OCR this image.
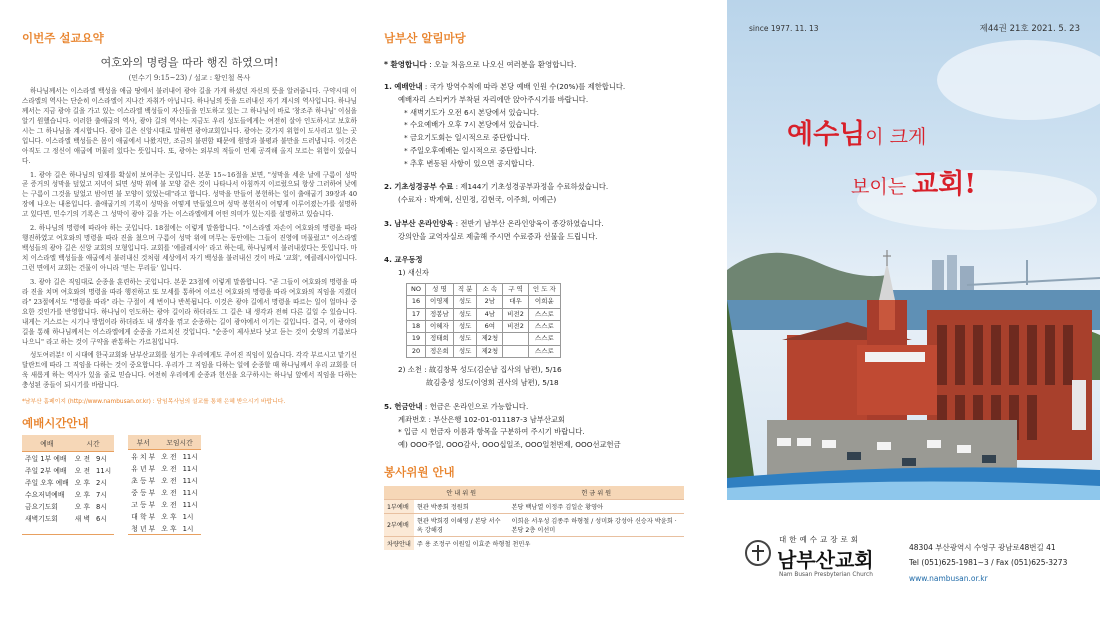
이번주 설교요약
여호와의 명령을 따라 행진 하였으며!
(민수기 9:15~23) / 설교 : 황인철 목사

하나님께서는 이스라엘 백성을 애굽 땅에서 불러내어 광야 길을 가게 하셨던 자신의 뜻을 알려줍니다. 구약시대 이스라엘의 역사는 단순히 이스라엘이 지나간 자취가 아닙니다. 하나님의 뜻을 드러내신 자기 계시의 역사입니다. 하나님께서는 지금 광야 길을 가고 있는 이스라엘 백성들이 자신들을 인도하고 있는 그 하나님이 바로 '창조주 하나님' 이심을 알기 원했습니다. 이러한 출애굽의 역사, 광야 길의 역사는 지금도 우리 성도들에게는 여전히 살아 인도하시고 보호하시는 그 하나님을 계시합니다. 광야 길은 신앙시대로 말하면 광야교회입니다. 광야는 갖가지 위험이 도사리고 있는 곳입니다. 이스라엘 백성들은 몸이 애굽에서 나왔지만, 조금의 불편함 때문에 원망과 불평과 불만을 드러냅니다. 이것은 아직도 그 정신이 애굽에 머물러 있다는 뜻입니다. 또, 광야는 외부의 적들이 언제 공격해 올지 모르는 위험이 있습니다.

1. 광야 길은 하나님의 임재를 확실히 보여주는 곳입니다. 본문 15~16절을 보면, "성막을 세운 날에 구름이 성막 곧 증거의 성막을 덮었고 저녁이 되면 성막 위에 불 모양 같은 것이 나타나서 아침까지 이르렀으되 항상 그러하여 낮에는 구름이 그것을 덮었고 밤이면 불 모양이 있었는데"라고 합니다. 성막을 만들어 봉헌하는 일이 출애굽기 39장과 40장에 나오는 내용입니다. 출애굽기의 기록이 성막을 어떻게 만들었으며 성막 봉헌식이 어떻게 이루어졌는가를 설명하고 있다면, 민수기의 기록은 그 성막이 광야 길을 가는 이스라엘에게 어떤 의미가 있는지를 설명하고 있습니다.

2. 하나님의 명령에 따라야 하는 곳입니다. 18절에는 이렇게 말씀합니다. "이스라엘 자손이 여호와의 명령을 따라 행진하였고 여호와의 명령을 따라 진을 쳤으며 구름이 성막 위에 머무는 동안에는 그들이 진영에 머물렀고" 이스라엘 백성들의 광야 길은 신앙 교회의 모형입니다. 교회를 '에클레시아' 라고 하는데, 하나님께서 불러내셨다는 뜻입니다. 마치 이스라엘 백성들을 애굽에서 불러내신 것처럼 세상에서 자기 백성을 불러내신 것이 바로 '교회', 에클레시아입니다. 그런 면에서 교회는 건물이 아니라 '믿는 무리들' 입니다.

3. 광야 길은 직임대로 순종을 훈련하는 곳입니다. 본문 23절에 이렇게 말씀합니다. "곧 그들이 여호와의 명령을 따라 진을 치며 여호와의 명령을 따라 행진하고 또 모세를 통하여 이르신 여호와의 명령을 따라 여호와의 직임을 지켰더라" 23절에서도 "명령을 따라" 라는 구절이 세 번이나 반복됩니다. 이것은 광야 길에서 명령을 따르는 일이 얼마나 중요한 것인가를 반영합니다. 하나님이 인도하는 광야 길이라 하더라도 그 길은 내 생각과 전혀 다른 길일 수 있습니다. 내게는 거스르는 시기나 방법이라 하더라도 내 생각을 꺾고 순종하는 길이 광야에서 이기는 길입니다. 결국, 이 광야의 길을 통해 하나님께서는 이스라엘에게 순종을 가르치신 것입니다. "순종이 제사보다 낫고 듣는 것이 숫양의 기름보다 나으니" 라고 하는 것이 구약을 관통하는 가르침입니다.

성도여러분! 이 시대에 한국교회와 남부산교회를 섬기는 우리에게도 주어진 직임이 있습니다. 각각 부르시고 맡기신 달란트에 따라 그 직임을 다하는 것이 중요합니다. 우리가 그 직임을 다하는 일에 순종할 때 하나님께서 우리 교회를 더욱 새롭게 하는 역사가 있을 줄로 믿습니다. 여전히 우리에게 순종과 헌신을 요구하시는 하나님 앞에서 직임을 다하는 충성된 종들이 되시기를 바랍니다.

*남부산 홈페이지 (http://www.nambusan.or.kr) : 담임목사님의 설교를 통해 은혜 받으시기 바랍니다.
예배시간안내
예배	시간	
주일 1부 예배	오 전	9시
주일 2부 예배	오 전	11시
주일 오후 예배	오 후	2시
수요저녁예배	오 후	7시
금요기도회	오 후	8시
새벽기도회	새 벽	6시

부서	모임시간	
유 치 부	오 전	11시
유 년 부	오 전	11시
초 등 부	오 전	11시
중 등 부	오 전	11시
고 등 부	오 전	11시
대 학 부	오 후	1시
청 년 부	오 후	1시
남부산 알림마당
* 환영합니다 : 오늘 처음으로 나오신 여러분을 환영합니다.
1. 예배안내 : 국가 방역수칙에 따라 본당 예배 인원 수(20%)를 제한합니다.
예배자리 스티커가 부착된 자리에만 앉아주시기를 바랍니다.
* 새벽기도가 오전 6시 본당에서 있습니다.
* 수요예배가 오후 7시 본당에서 있습니다.
* 금요기도회는 일시적으로 중단합니다.
* 주일오후예배는 일시적으로 중단합니다.
* 추후 변동된 사항이 있으면 공지합니다.
2. 기초성경공부 수료 : 제144기 기초성경공부과정을 수료하셨습니다.
(수료자 : 박계혁, 신민정, 김현국, 이주희, 이예근)
3. 남부산 온라인양육 : 전반기 남부산 온라인양육이 종강하였습니다.
강의안을 교역자실로 제출해 주시면 수료증과 선물을 드립니다.
4. 교우동정
1) 새신자
NO	성 명	직 분	소 속	구 역	인 도 자
16	이영제	성도	2남	대우	이희윤
17	정봉남	성도	4남	비전2	스스로
18	이혜자	성도	6여	비전2	스스로
19	정태희	성도	제2청		스스로
20	정은희	성도	제2청		스스로
2) 소천 : 故김창복 성도(김순남 집사의 남편), 5/16
故김충성 성도(이영희 권사의 남편), 5/18
5. 헌금안내 : 헌금은 온라인으로 가능합니다.
계좌번호 : 부산은행 102-01-011187-3 남부산교회
* 입금 시 헌금자 이름과 항목을 구분하여 주시기 바랍니다.
예) OOO주일, OOO감사, OOO십일조, OOO일천번제, OOO선교헌금
봉사위원 안내
	안 내 위 원	헌 금 위 원
1부예배	현관 박종회 정원희	본당 백남열 이정주 김일순 황영아
2부예배	현관 박희경 이해영 / 본당 서수옥 강해경	이희윤 서우성 김종주 하형철 / 성미화 강성아 신승자 박윤희 · 본당 2층 이선미
차량안내	주 용 조정구 이원일 이효준 하형철 천민우	
since 1977. 11. 13	제44권 21호 2021. 5. 23
예수님이 크게
보이는 교회!
대한예수교장로회
남부산교회
Nam Busan Presbyterian Church
48304 부산광역시 수영구 광남로48번길 41
Tel (051)625-1981~3 / Fax (051)625-3273
www.nambusan.or.kr
